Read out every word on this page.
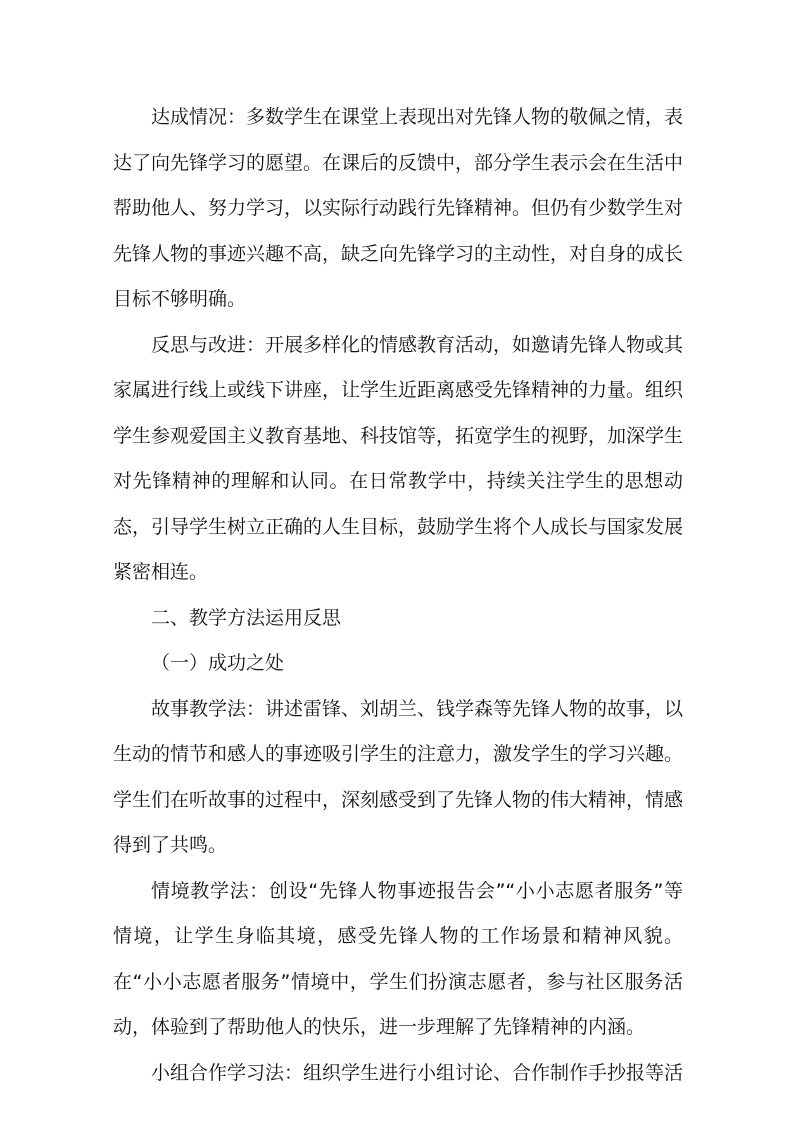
达成情况：多数学生在课堂上表现出对先锋人物的敬佩之情，表达了向先锋学习的愿望。在课后的反馈中，部分学生表示会在生活中帮助他人、努力学习，以实际行动践行先锋精神。但仍有少数学生对先锋人物的事迹兴趣不高，缺乏向先锋学习的主动性，对自身的成长目标不够明确。

反思与改进：开展多样化的情感教育活动，如邀请先锋人物或其家属进行线上或线下讲座，让学生近距离感受先锋精神的力量。组织学生参观爱国主义教育基地、科技馆等，拓宽学生的视野，加深学生对先锋精神的理解和认同。在日常教学中，持续关注学生的思想动态，引导学生树立正确的人生目标，鼓励学生将个人成长与国家发展紧密相连。

二、教学方法运用反思

（一）成功之处

故事教学法：讲述雷锋、刘胡兰、钱学森等先锋人物的故事，以生动的情节和感人的事迹吸引学生的注意力，激发学生的学习兴趣。学生们在听故事的过程中，深刻感受到了先锋人物的伟大精神，情感得到了共鸣。

情境教学法：创设“先锋人物事迹报告会”“小小志愿者服务”等情境，让学生身临其境，感受先锋人物的工作场景和精神风貌。在“小小志愿者服务”情境中，学生们扮演志愿者，参与社区服务活动，体验到了帮助他人的快乐，进一步理解了先锋精神的内涵。

小组合作学习法：组织学生进行小组讨论、合作制作手抄报等活
